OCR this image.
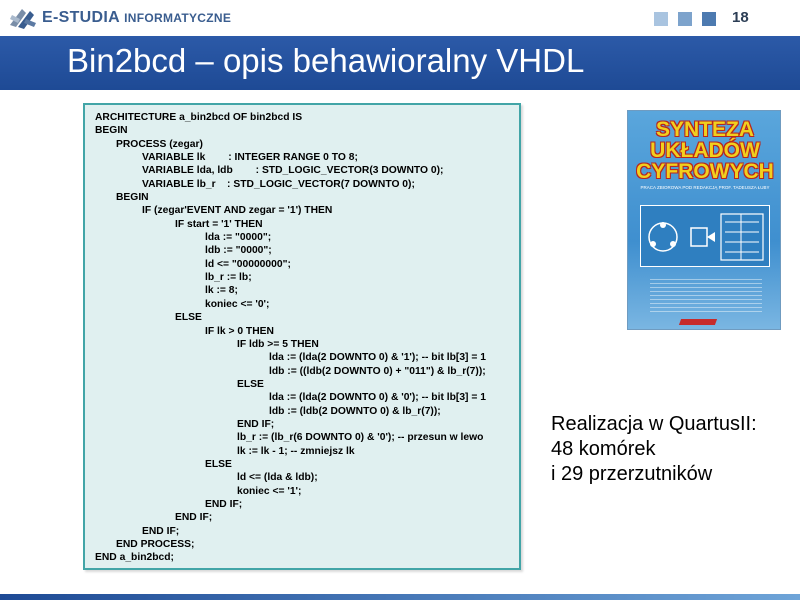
E-STUDIA INFORMATYCZNE	18
Bin2bcd – opis behawioralny VHDL
ARCHITECTURE a_bin2bcd OF bin2bcd IS
BEGIN
PROCESS (zegar)
VARIABLE lk        : INTEGER RANGE 0 TO 8;
VARIABLE lda, ldb        : STD_LOGIC_VECTOR(3 DOWNTO 0);
VARIABLE lb_r    : STD_LOGIC_VECTOR(7 DOWNTO 0);
BEGIN
IF (zegar'EVENT AND zegar = '1') THEN
IF start = '1' THEN
lda := "0000";
ldb := "0000";
ld <= "00000000";
lb_r := lb;
lk := 8;
koniec <= '0';
ELSE
IF lk > 0 THEN
IF ldb >= 5 THEN
lda := (lda(2 DOWNTO 0) & '1'); -- bit lb[3] = 1
ldb := ((ldb(2 DOWNTO 0) + "011") & lb_r(7));
ELSE
lda := (lda(2 DOWNTO 0) & '0'); -- bit lb[3] = 1
ldb := (ldb(2 DOWNTO 0) & lb_r(7));
END IF;
lb_r := (lb_r(6 DOWNTO 0) & '0'); -- przesun w lewo
lk := lk - 1; -- zmniejsz lk
ELSE
ld <= (lda & ldb);
koniec <= '1';
END IF;
END IF;
END IF;
END PROCESS;
END a_bin2bcd;
SYNTEZA
UKŁADÓW
CYFROWYCH
PRACA ZBIOROWA POD REDAKCJĄ PROF. TADEUSZA ŁUBY
Realizacja w QuartusII:
48 komórek
i 29 przerzutników
